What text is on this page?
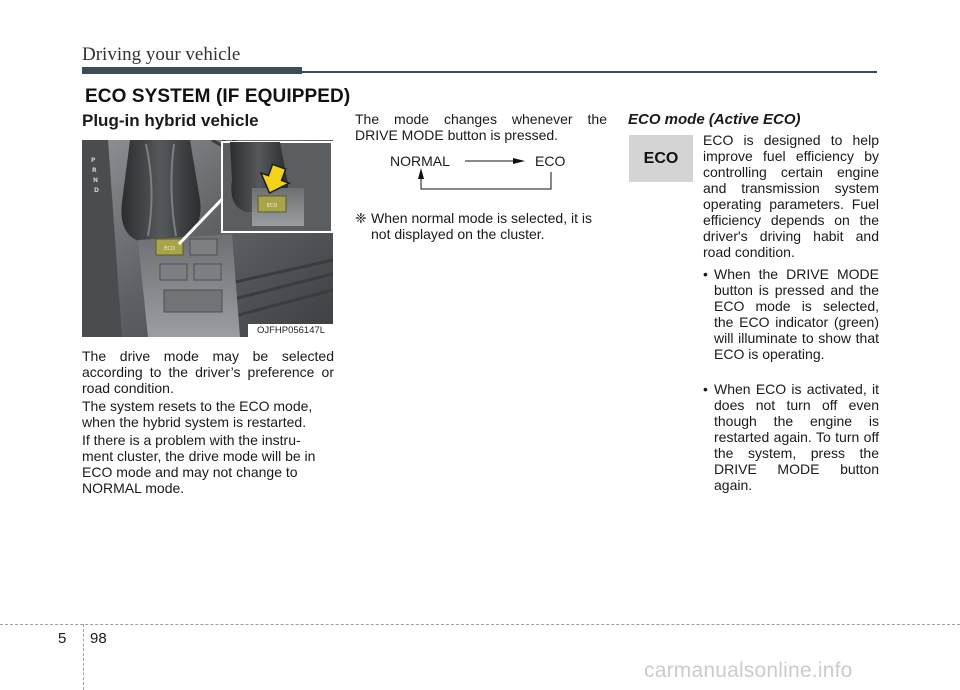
Driving your vehicle
ECO SYSTEM (IF EQUIPPED)
Plug-in hybrid vehicle
P
R
N
D
ECO
ECO
OJFHP056147L
The drive mode may be selected according to the driver’s preference or road condition.
The system resets to the ECO mode, when the hybrid system is restarted.
If there is a problem with the instru- ment cluster, the drive mode will be in ECO mode and may not change to NORMAL mode.
The mode changes whenever the DRIVE MODE button is pressed.
NORMAL	ECO
❈ When normal mode is selected, it is not displayed on the cluster.
ECO mode (Active ECO)
ECO
ECO is designed to help improve fuel efficiency by controlling certain engine and transmission system operating parameters. Fuel efficiency depends on the driver's driving habit and road condition.
• When the DRIVE MODE button is pressed and the ECO mode is selected, the ECO indicator (green) will illuminate to show that ECO is operating.
• When ECO is activated, it does not turn off even though the engine is restarted again. To turn off the system, press the DRIVE MODE button again.
5 98
carmanualsonline.info
